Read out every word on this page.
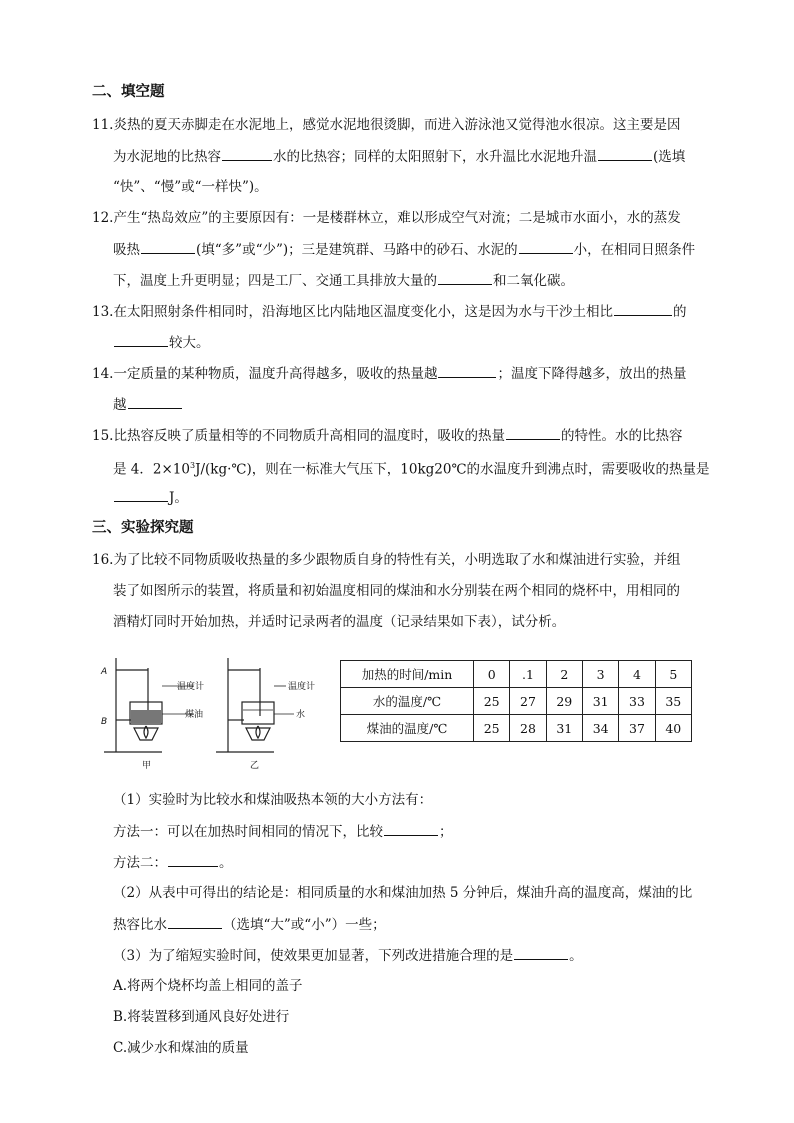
二、填空题
11.炎热的夏天赤脚走在水泥地上，感觉水泥地很烫脚，而进入游泳池又觉得池水很凉。这主要是因
为水泥地的比热容	水的比热容；同样的太阳照射下，水升温比水泥地升温	(选填
“快”、“慢”或“一样快”)。
12.产生“热岛效应”的主要原因有：一是楼群林立，难以形成空气对流；二是城市水面小，水的蒸发
吸热	(填“多”或“少”)；三是建筑群、马路中的砂石、水泥的	小，在相同日照条件
下，温度上升更明显；四是工厂、交通工具排放大量的	和二氧化碳。
13.在太阳照射条件相同时，沿海地区比内陆地区温度变化小，这是因为水与干沙土相比	的
较大。
14.一定质量的某种物质，温度升高得越多，吸收的热量越	；温度下降得越多，放出的热量
越
15.比热容反映了质量相等的不同物质升高相同的温度时，吸收的热量	的特性。水的比热容
是 4．$2\times 10^3J/(kg\cdot℃)$，则在一标准大气压下，10kg20℃的水温度升到沸点时，需要吸收的热量是
J。
三、实验探究题
16.为了比较不同物质吸收热量的多少跟物质自身的特性有关，小明选取了水和煤油进行实验，并组
装了如图所示的装置，将质量和初始温度相同的煤油和水分别装在两个相同的烧杯中，用相同的
酒精灯同时开始加热，并适时记录两者的温度（记录结果如下表），试分析。
A
B
温度计
煤油
温度计
水
甲	乙
加热的时间/min	0	.1	2	3	4	5
水的温度/℃	25	27	29	31	33	35
煤油的温度/℃	25	28	31	34	37	40
（1）实验时为比较水和煤油吸热本领的大小方法有：
方法一：可以在加热时间相同的情况下，比较	；
方法二：	。
（2）从表中可得出的结论是：相同质量的水和煤油加热 5 分钟后，煤油升高的温度高，煤油的比
热容比水	（选填“大”或“小”）一些；
（3）为了缩短实验时间，使效果更加显著，下列改进措施合理的是	。
A.将两个烧杯均盖上相同的盖子
B.将装置移到通风良好处进行
C.减少水和煤油的质量
